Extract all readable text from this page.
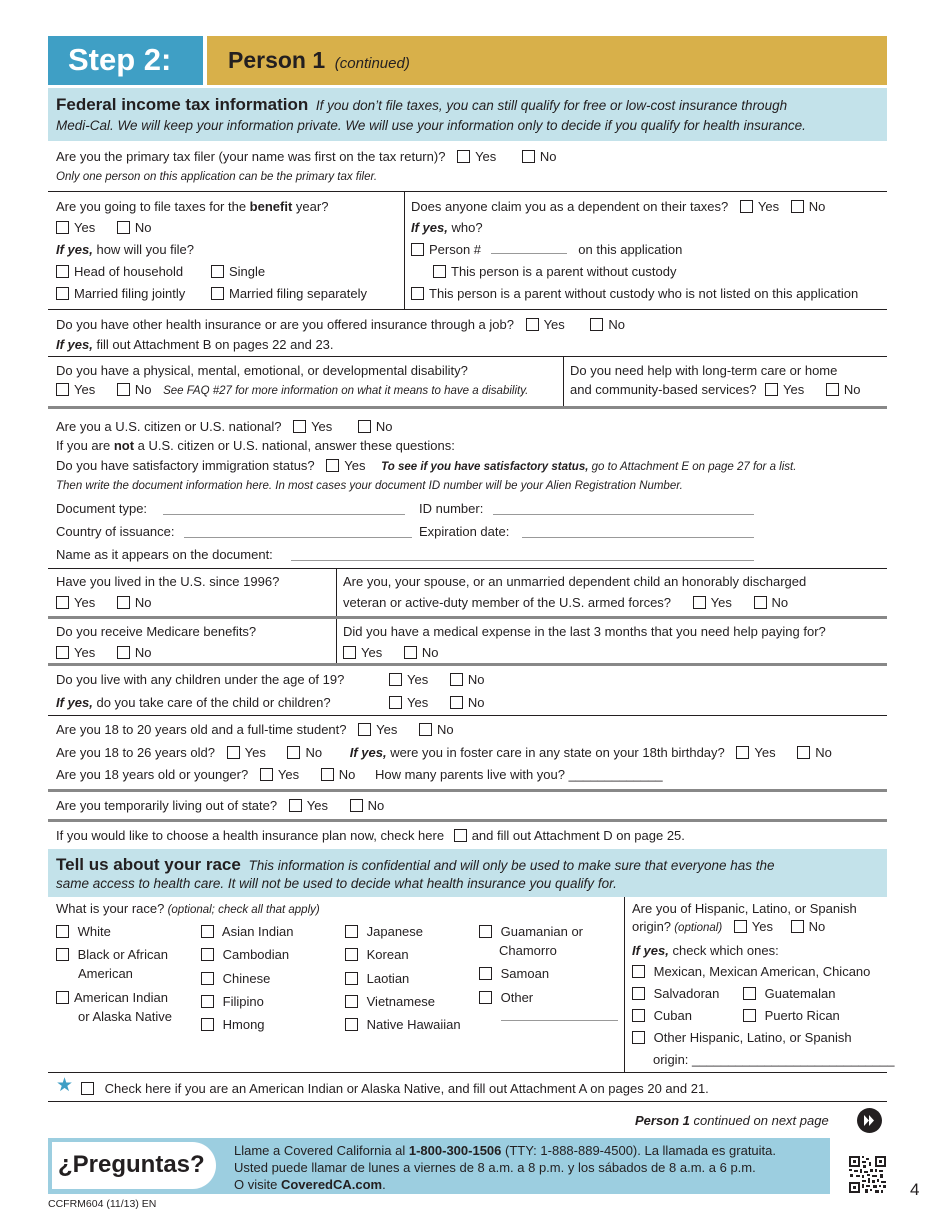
Step 2: Person 1 (continued)
Federal income tax information If you don’t file taxes, you can still qualify for free or low-cost insurance through
Medi-Cal. We will keep your information private. We will use your information only to decide if you qualify for health insurance.
Are you the primary tax filer (your name was first on the tax return)? Yes	No
Only one person on this application can be the primary tax filer.
Are you going to file taxes for the benefit year?
Yes	No
If yes, how will you file?
Head of household	Single
Married filing jointly	Married filing separately
Does anyone claim you as a dependent on their taxes? Yes No
If yes, who?
Person #	on this application
This person is a parent without custody
This person is a parent without custody who is not listed on this application
Do you have other health insurance or are you offered insurance through a job? Yes	No
If yes, fill out Attachment B on pages 22 and 23.
Do you have a physical, mental, emotional, or developmental disability?
Yes	No See FAQ #27 for more information on what it means to have a disability.
Do you need help with long-term care or home
and community-based services? Yes	No
Are you a U.S. citizen or U.S. national? Yes	No
If you are not a U.S. citizen or U.S. national, answer these questions:
Do you have satisfactory immigration status? Yes To see if you have satisfactory status, go to Attachment E on page 27 for a list.
Then write the document information here. In most cases your document ID number will be your Alien Registration Number.
Document type:	ID number:
Country of issuance:	Expiration date:
Name as it appears on the document:
Have you lived in the U.S. since 1996?
Yes	No
Are you, your spouse, or an unmarried dependent child an honorably discharged
veteran or active-duty member of the U.S. armed forces?	Yes	No
Do you receive Medicare benefits?
Yes	No
Did you have a medical expense in the last 3 months that you need help paying for?
Yes	No
Do you live with any children under the age of 19?	Yes	No
If yes, do you take care of the child or children?	Yes	No
Are you 18 to 20 years old and a full-time student? Yes	No
Are you 18 to 26 years old? Yes	No If yes, were you in foster care in any state on your 18th birthday? Yes	No
Are you 18 years old or younger? Yes	No How many parents live with you? _____________
Are you temporarily living out of state? Yes	No
If you would like to choose a health insurance plan now, check here and fill out Attachment D on page 25.
Tell us about your race This information is confidential and will only be used to make sure that everyone has the
same access to health care. It will not be used to decide what health insurance you qualify for.
What is your race? (optional; check all that apply)
White
Black or African
American
American Indian
or Alaska Native
Asian Indian
Cambodian
Chinese
Filipino
Hmong
Japanese
Korean
Laotian
Vietnamese
Native Hawaiian
Guamanian or
Chamorro
Samoan
Other
Are you of Hispanic, Latino, or Spanish
origin? (optional) Yes	No
If yes, check which ones:
Mexican, Mexican American, Chicano
Salvadoran	Guatemalan
Cuban	Puerto Rican
Other Hispanic, Latino, or Spanish
origin: ____________________________
★	Check here if you are an American Indian or Alaska Native, and fill out Attachment A on pages 20 and 21.
Person 1 continued on next page
¿Preguntas?
Llame a Covered California al 1-800-300-1506 (TTY: 1-888-889-4500). La llamada es gratuita.
Usted puede llamar de lunes a viernes de 8 a.m. a 8 p.m. y los sábados de 8 a.m. a 6 p.m.
O visite CoveredCA.com.	4
CCFRM604 (11/13) EN
